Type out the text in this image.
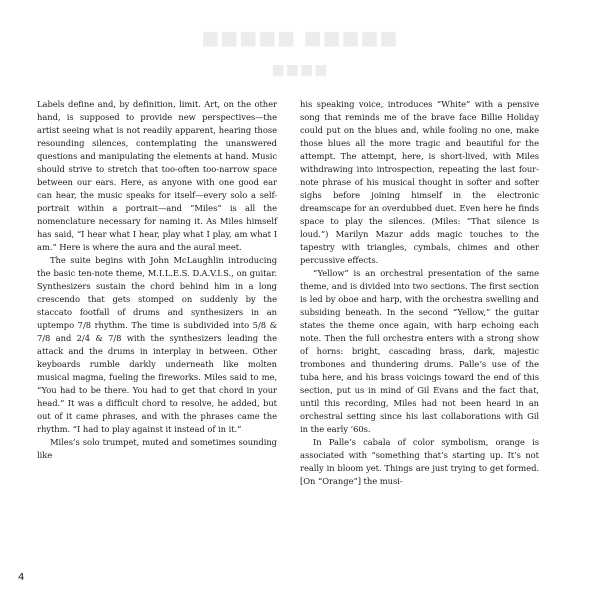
■■■■■ ■■■■■
■■■■

Labels define and, by definition, limit. Art, on the other hand, is supposed to provide new perspectives—the artist seeing what is not readily apparent, hearing those resounding silences, contemplating the unanswered questions and manipulating the elements at hand. Music should strive to stretch that too-often too-narrow space between our ears. Here, as anyone with one good ear can hear, the music speaks for itself—every solo a self-portrait within a portrait—and “Miles” is all the nomenclature necessary for naming it. As Miles himself has said, “I hear what I hear, play what I play, am what I am.” Here is where the aura and the aural meet.

The suite begins with John McLaughlin introducing the basic ten-note theme, M.I.L.E.S. D.A.V.I.S., on guitar. Synthesizers sustain the chord behind him in a long crescendo that gets stomped on suddenly by the staccato footfall of drums and synthesizers in an uptempo 7/8 rhythm. The time is subdivided into 5/8 & 7/8 and 2/4 & 7/8 with the synthesizers leading the attack and the drums in interplay in between. Other keyboards rumble darkly underneath like molten musical magma, fueling the fireworks. Miles said to me, “You had to be there. You had to get that chord in your head.” It was a difficult chord to resolve, he added, but out of it came phrases, and with the phrases came the rhythm. “I had to play against it instead of in it.”

Miles’s solo trumpet, muted and sometimes sounding like

his speaking voice, introduces “White” with a pensive song that reminds me of the brave face Billie Holiday could put on the blues and, while fooling no one, make those blues all the more tragic and beautiful for the attempt. The attempt, here, is short-lived, with Miles withdrawing into introspection, repeating the last four-note phrase of his musical thought in softer and softer sighs before joining himself in the electronic dreamscape for an overdubbed duet. Even here he finds space to play the silences. (Miles: “That silence is loud.”) Marilyn Mazur adds magic touches to the tapestry with triangles, cymbals, chimes and other percussive effects.

“Yellow” is an orchestral presentation of the same theme, and is divided into two sections. The first section is led by oboe and harp, with the orchestra swelling and subsiding beneath. In the second “Yellow,” the guitar states the theme once again, with harp echoing each note. Then the full orchestra enters with a strong show of horns: bright, cascading brass, dark, majestic trombones and thundering drums. Palle’s use of the tuba here, and his brass voicings toward the end of this section, put us in mind of Gil Evans and the fact that, until this recording, Miles had not been heard in an orchestral setting since his last collaborations with Gil in the early ’60s.

In Palle’s cabala of color symbolism, orange is associated with “something that’s starting up. It’s not really in bloom yet. Things are just trying to get formed. [On “Orange”] the musi-

4
